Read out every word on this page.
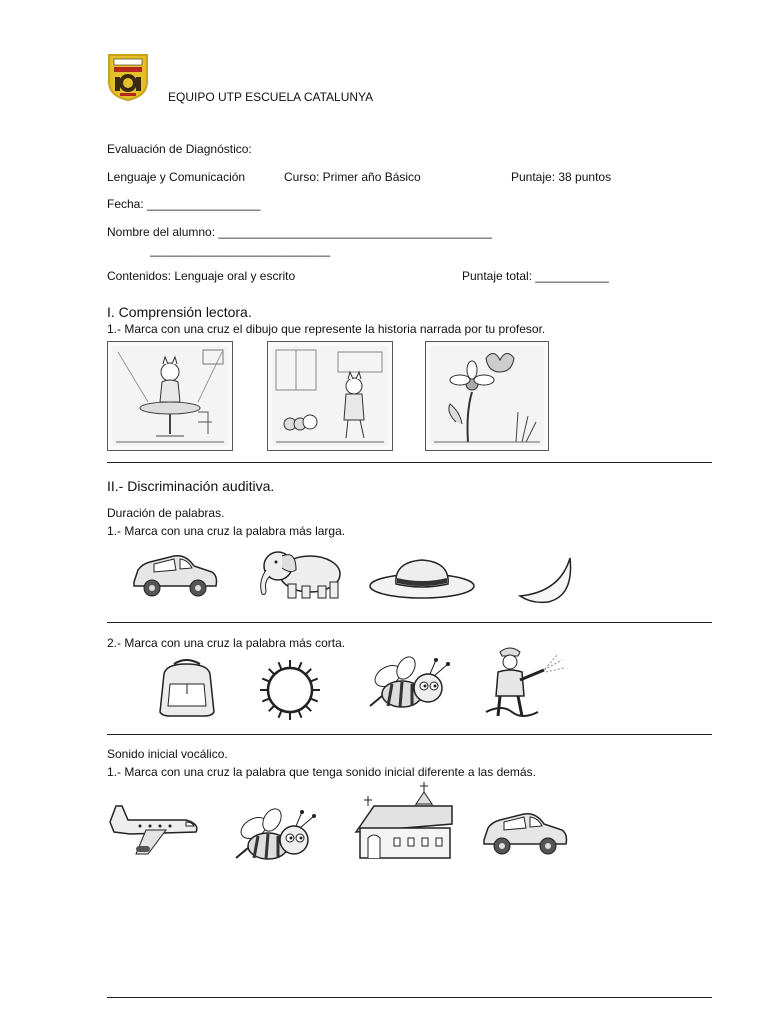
EQUIPO UTP ESCUELA CATALUNYA
Evaluación de Diagnóstico:
Lenguaje y Comunicación	Curso: Primer año Básico	Puntaje: 38 puntos
Fecha: _________________
Nombre del alumno: _________________________________________
___________________________
Contenidos: Lenguaje oral y escrito	Puntaje total: ___________
I. Comprensión lectora.
1.- Marca con una cruz el dibujo que represente la historia narrada por tu profesor.
II.- Discriminación auditiva.
Duración de palabras.
1.- Marca con una cruz la palabra más larga.
2.- Marca con una cruz la palabra más corta.
Sonido inicial vocálico.
1.- Marca con una cruz la palabra que tenga sonido inicial diferente a las demás.
